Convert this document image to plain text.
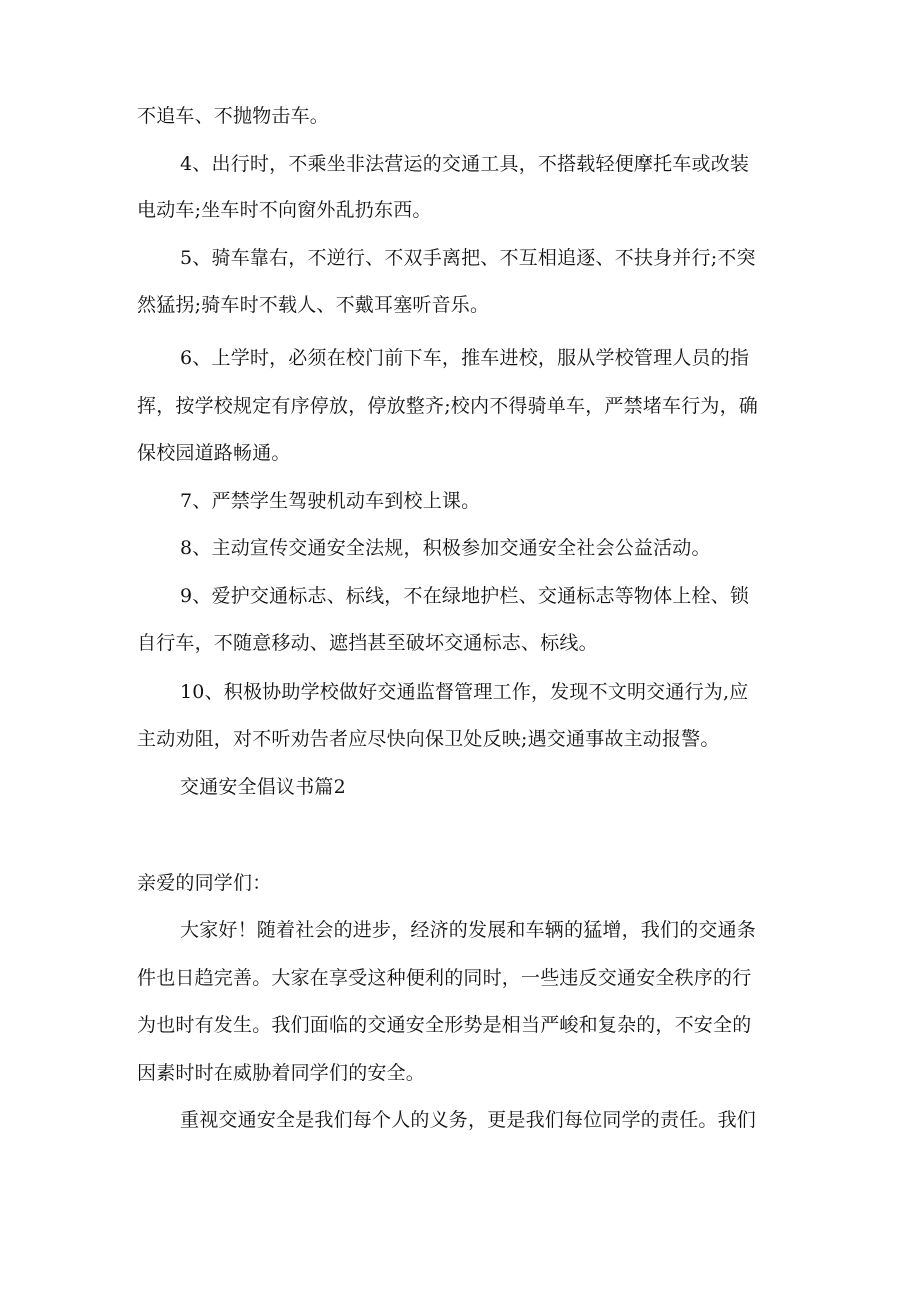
不追车、不抛物击车。
4、出行时，不乘坐非法营运的交通工具，不搭载轻便摩托车或改装
电动车;坐车时不向窗外乱扔东西。
5、骑车靠右，不逆行、不双手离把、不互相追逐、不扶身并行;不突
然猛拐;骑车时不载人、不戴耳塞听音乐。
6、上学时，必须在校门前下车，推车进校，服从学校管理人员的指
挥，按学校规定有序停放，停放整齐;校内不得骑单车，严禁堵车行为，确
保校园道路畅通。
7、严禁学生驾驶机动车到校上课。
8、主动宣传交通安全法规，积极参加交通安全社会公益活动。
9、爱护交通标志、标线，不在绿地护栏、交通标志等物体上栓、锁
自行车，不随意移动、遮挡甚至破坏交通标志、标线。
10、积极协助学校做好交通监督管理工作，发现不文明交通行为,应
主动劝阻，对不听劝告者应尽快向保卫处反映;遇交通事故主动报警。
交通安全倡议书篇2
亲爱的同学们：
大家好！随着社会的进步，经济的发展和车辆的猛增，我们的交通条
件也日趋完善。大家在享受这种便利的同时，一些违反交通安全秩序的行
为也时有发生。我们面临的交通安全形势是相当严峻和复杂的，不安全的
因素时时在威胁着同学们的安全。
重视交通安全是我们每个人的义务，更是我们每位同学的责任。我们
